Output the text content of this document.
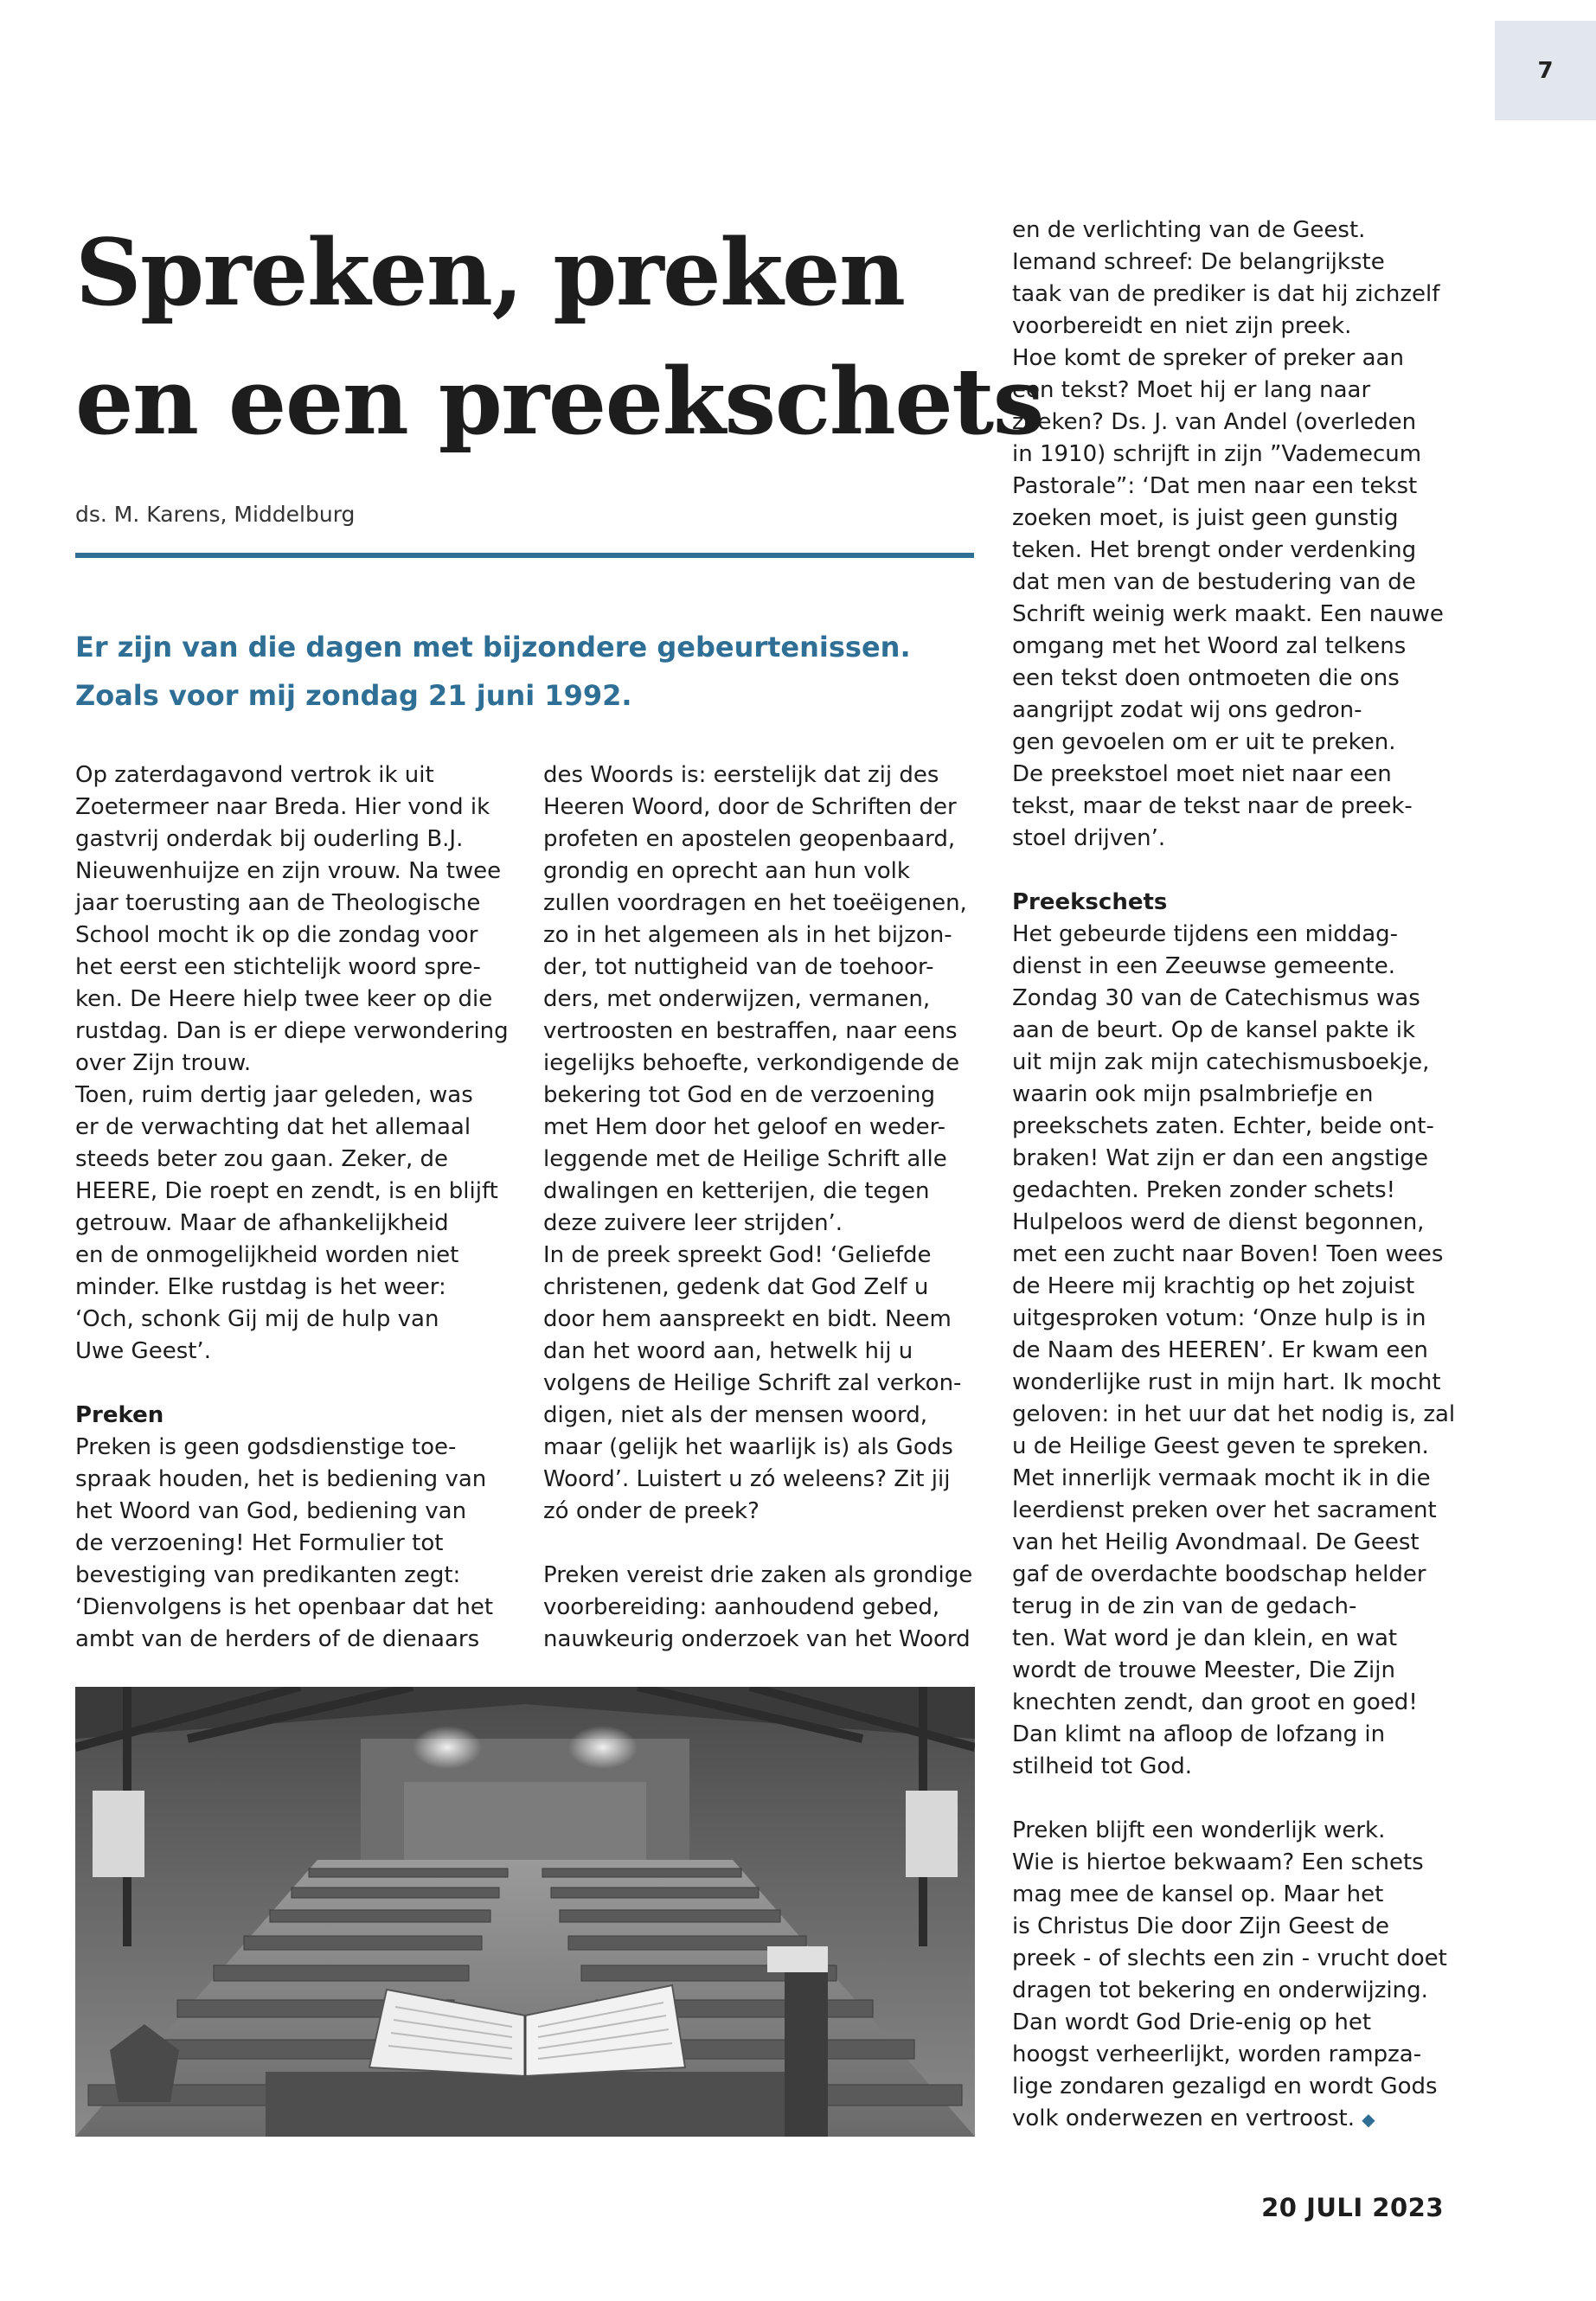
7
Spreken, preken
en een preekschets
ds. M. Karens, Middelburg
Er zijn van die dagen met bijzondere gebeurtenissen.
Zoals voor mij zondag 21 juni 1992.
Op zaterdagavond vertrok ik uit
Zoetermeer naar Breda. Hier vond ik
gastvrij onderdak bij ouderling B.J.
Nieuwenhuijze en zijn vrouw. Na twee
jaar toerusting aan de Theologische
School mocht ik op die zondag voor
het eerst een stichtelijk woord spre-
ken. De Heere hielp twee keer op die
rustdag. Dan is er diepe verwondering
over Zijn trouw.
Toen, ruim dertig jaar geleden, was
er de verwachting dat het allemaal
steeds beter zou gaan. Zeker, de
HEERE, Die roept en zendt, is en blijft
getrouw. Maar de afhankelijkheid
en de onmogelijkheid worden niet
minder. Elke rustdag is het weer:
‘Och, schonk Gij mij de hulp van
Uwe Geest’.
Preken
Preken is geen godsdienstige toe-
spraak houden, het is bediening van
het Woord van God, bediening van
de verzoening! Het Formulier tot
bevestiging van predikanten zegt:
‘Dienvolgens is het openbaar dat het
ambt van de herders of de dienaars
des Woords is: eerstelijk dat zij des
Heeren Woord, door de Schriften der
profeten en apostelen geopenbaard,
grondig en oprecht aan hun volk
zullen voordragen en het toeëigenen,
zo in het algemeen als in het bijzon-
der, tot nuttigheid van de toehoor-
ders, met onderwijzen, vermanen,
vertroosten en bestraffen, naar eens
iegelijks behoefte, verkondigende de
bekering tot God en de verzoening
met Hem door het geloof en weder-
leggende met de Heilige Schrift alle
dwalingen en ketterijen, die tegen
deze zuivere leer strijden’.
In de preek spreekt God! ‘Geliefde
christenen, gedenk dat God Zelf u
door hem aanspreekt en bidt. Neem
dan het woord aan, hetwelk hij u
volgens de Heilige Schrift zal verkon-
digen, niet als der mensen woord,
maar (gelijk het waarlijk is) als Gods
Woord’. Luistert u zó weleens? Zit jij
zó onder de preek?
Preken vereist drie zaken als grondige
voorbereiding: aanhoudend gebed,
nauwkeurig onderzoek van het Woord
en de verlichting van de Geest.
Iemand schreef: De belangrijkste
taak van de prediker is dat hij zichzelf
voorbereidt en niet zijn preek.
Hoe komt de spreker of preker aan
een tekst? Moet hij er lang naar
zoeken? Ds. J. van Andel (overleden
in 1910) schrijft in zijn ”Vademecum
Pastorale”: ‘Dat men naar een tekst
zoeken moet, is juist geen gunstig
teken. Het brengt onder verdenking
dat men van de bestudering van de
Schrift weinig werk maakt. Een nauwe
omgang met het Woord zal telkens
een tekst doen ontmoeten die ons
aangrijpt zodat wij ons gedron-
gen gevoelen om er uit te preken.
De preekstoel moet niet naar een
tekst, maar de tekst naar de preek-
stoel drijven’.
Preekschets
Het gebeurde tijdens een middag-
dienst in een Zeeuwse gemeente.
Zondag 30 van de Catechismus was
aan de beurt. Op de kansel pakte ik
uit mijn zak mijn catechismusboekje,
waarin ook mijn psalmbriefje en
preekschets zaten. Echter, beide ont-
braken! Wat zijn er dan een angstige
gedachten. Preken zonder schets!
Hulpeloos werd de dienst begonnen,
met een zucht naar Boven! Toen wees
de Heere mij krachtig op het zojuist
uitgesproken votum: ‘Onze hulp is in
de Naam des HEEREN’. Er kwam een
wonderlijke rust in mijn hart. Ik mocht
geloven: in het uur dat het nodig is, zal
u de Heilige Geest geven te spreken.
Met innerlijk vermaak mocht ik in die
leerdienst preken over het sacrament
van het Heilig Avondmaal. De Geest
gaf de overdachte boodschap helder
terug in de zin van de gedach-
ten. Wat word je dan klein, en wat
wordt de trouwe Meester, Die Zijn
knechten zendt, dan groot en goed!
Dan klimt na afloop de lofzang in
stilheid tot God.
Preken blijft een wonderlijk werk.
Wie is hiertoe bekwaam? Een schets
mag mee de kansel op. Maar het
is Christus Die door Zijn Geest de
preek - of slechts een zin - vrucht doet
dragen tot bekering en onderwijzing.
Dan wordt God Drie-enig op het
hoogst verheerlijkt, worden rampza-
lige zondaren gezaligd en wordt Gods
volk onderwezen en vertroost. ◆
20 JULI 2023
